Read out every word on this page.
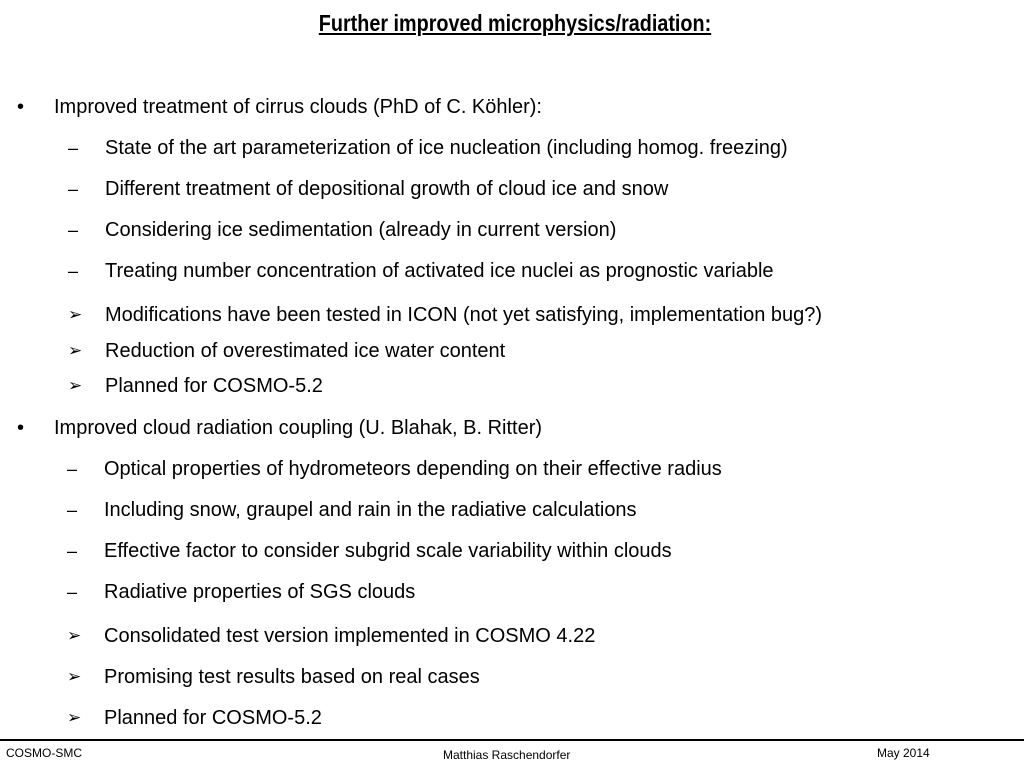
Further improved microphysics/radiation:
• Improved treatment of cirrus clouds (PhD of C. Köhler):
– State of the art parameterization of ice nucleation (including homog. freezing)
– Different treatment of depositional growth of cloud ice and snow
– Considering ice sedimentation (already in current version)
– Treating number concentration of activated ice nuclei as prognostic variable
➢ Modifications have been tested in ICON (not yet satisfying, implementation bug?)
➢ Reduction of overestimated ice water content
➢ Planned for COSMO-5.2
• Improved cloud radiation coupling (U. Blahak, B. Ritter)
– Optical properties of hydrometeors depending on their effective radius
– Including snow, graupel and rain in the radiative calculations
– Effective factor to consider subgrid scale variability within clouds
– Radiative properties of SGS clouds
➢ Consolidated test version implemented in COSMO 4.22
➢ Promising test results based on real cases
➢ Planned for COSMO-5.2
COSMO-SMC	Matthias Raschendorfer	May 2014
